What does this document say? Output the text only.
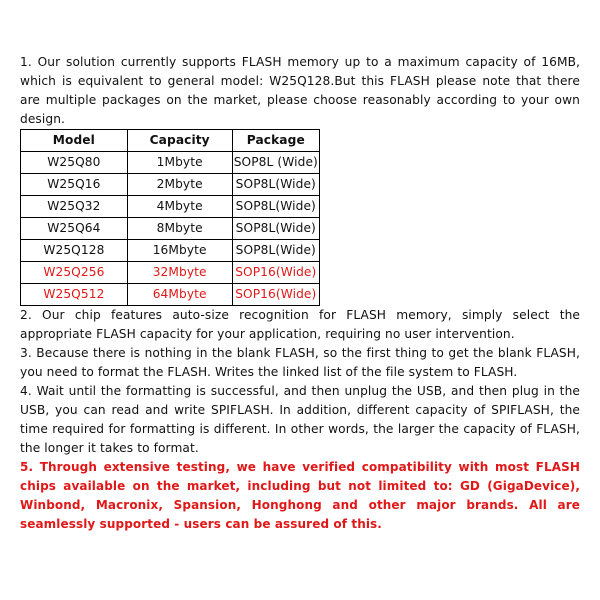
1. Our solution currently supports FLASH memory up to a maximum capacity of 16MB, which is equivalent to general model: W25Q128.But this FLASH please note that there are multiple packages on the market, please choose reasonably according to your own design.

Model	Capacity	Package
W25Q80	1Mbyte	SOP8L (Wide)
W25Q16	2Mbyte	SOP8L(Wide)
W25Q32	4Mbyte	SOP8L(Wide)
W25Q64	8Mbyte	SOP8L(Wide)
W25Q128	16Mbyte	SOP8L(Wide)
W25Q256	32Mbyte	SOP16(Wide)
W25Q512	64Mbyte	SOP16(Wide)

2. Our chip features auto-size recognition for FLASH memory, simply select the appropriate FLASH capacity for your application, requiring no user intervention.

3. Because there is nothing in the blank FLASH, so the first thing to get the blank FLASH, you need to format the FLASH. Writes the linked list of the file system to FLASH.

4. Wait until the formatting is successful, and then unplug the USB, and then plug in the USB, you can read and write SPIFLASH. In addition, different capacity of SPIFLASH, the time required for formatting is different. In other words, the larger the capacity of FLASH, the longer it takes to format.

5. Through extensive testing, we have verified compatibility with most FLASH chips available on the market, including but not limited to: GD (GigaDevice), Winbond, Macronix, Spansion, Honghong and other major brands. All are seamlessly supported - users can be assured of this.
